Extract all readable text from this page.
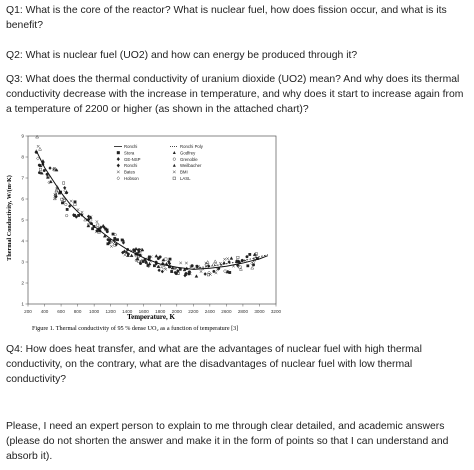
Q1: What is the core of the reactor? What is nuclear fuel, how does fission occur, and what is its benefit?

Q2: What is nuclear fuel (UO2) and how can energy be produced through it?

Q3: What does the thermal conductivity of uranium dioxide (UO2) mean? And why does its thermal conductivity decrease with the increase in temperature, and why does it start to increase again from a temperature of 2200 or higher (as shown in the attached chart)?

200 400 600 800 1000 1200 1400 1600 1800 2000 2200 2400 2600 2800 3000 3200
1
2
3
4
5
6
7
8
9
Ronchi	Ronchi Poly
Stora	Godfrey
GE-NSP	Grenoble
Ronchi	Weilbacher
Bates	BMI
Hobson	LASL
Temperature, K
Thermal Conductivity, W/(m·K)
Figure 1. Thermal conductivity of 95 % dense UO₂ as a function of temperature [3]

Q4: How does heat transfer, and what are the advantages of nuclear fuel with high thermal conductivity, on the contrary, what are the disadvantages of nuclear fuel with low thermal conductivity?

Please, I need an expert person to explain to me through clear detailed, and academic answers (please do not shorten the answer and make it in the form of points so that I can understand and absorb it).
